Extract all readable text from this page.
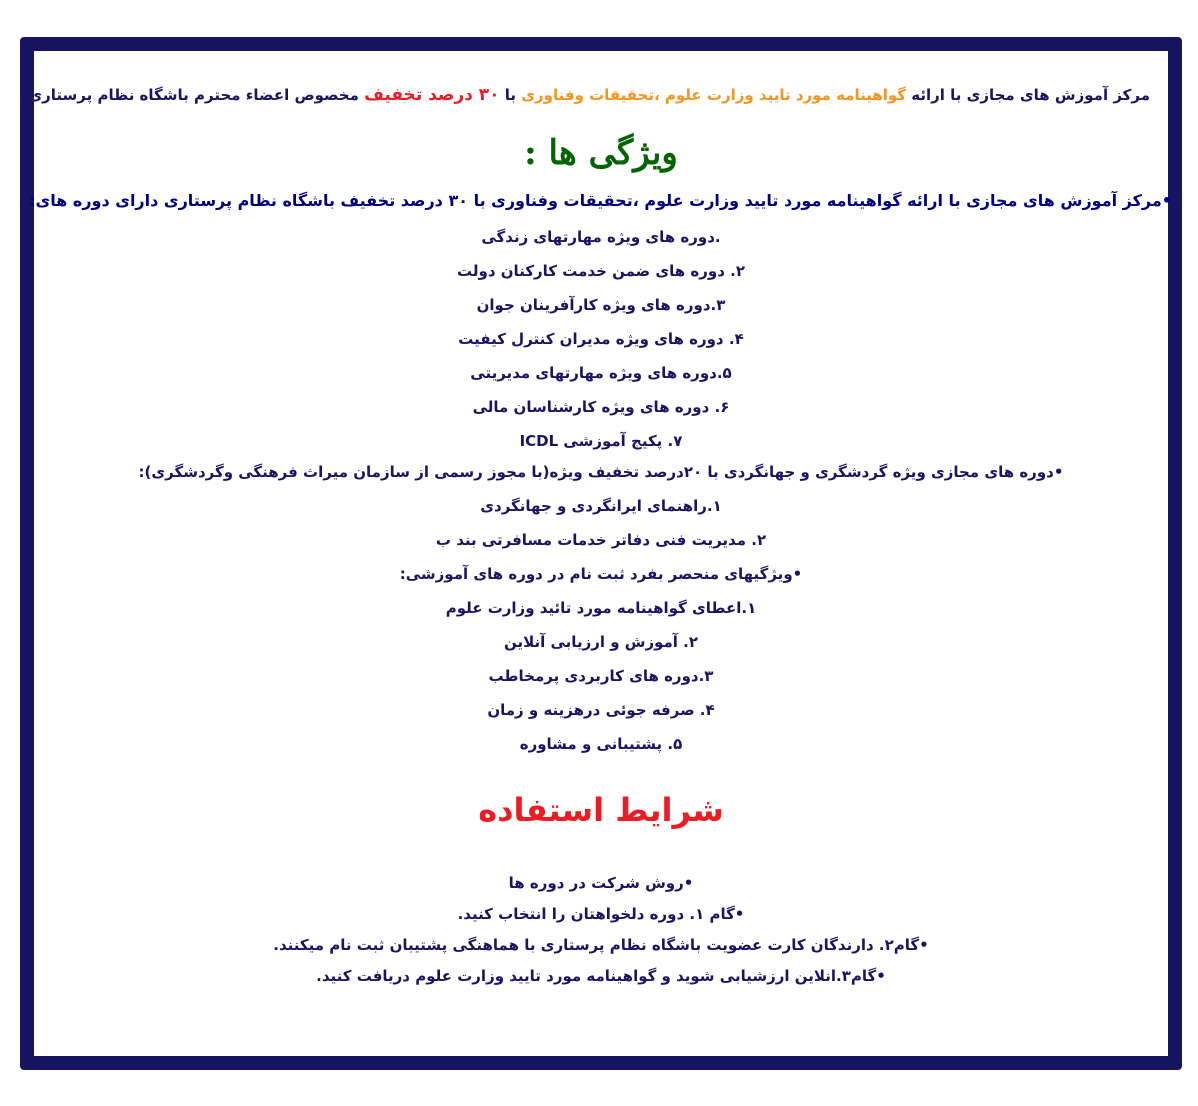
مرکز آموزش های مجازی با ارائه گواهینامه مورد تایید وزارت علوم ،تحقیقات وفناوری با ۳۰ درصد تخفیف مخصوص اعضاء محترم باشگاه نظام پرستاری
ویژگی ها :
•مرکز آموزش های مجازی با ارائه گواهینامه مورد تایید وزارت علوم ،تحقیقات وفناوری با ۳۰ درصد تخفیف باشگاه نظام پرستاری دارای دوره های:
.دوره های ویژه مهارتهای زندگی
۲. دوره های ضمن خدمت کارکنان دولت
۳.دوره های ویژه کارآفرینان جوان
۴. دوره های ویژه مدیران کنترل کیفیت
۵.دوره های ویژه مهارتهای مدیریتی
۶. دوره های ویژه کارشناسان مالی
۷. پکیج آموزشی ICDL
•دوره های مجازی ویژه گردشگری و جهانگردی با ۲۰درصد تخفیف ویژه(با مجوز رسمی از سازمان میراث فرهنگی وگردشگری):
۱.راهنمای ایرانگردی و جهانگردی
۲. مدیریت فنی دفاتر خدمات مسافرتی بند ب
•ویژگیهای منحصر بفرد ثبت نام در دوره های آموزشی:
۱.اعطای گواهینامه مورد تائید وزارت علوم
۲. آموزش و ارزیابی آنلاین
۳.دوره های کاربردی پرمخاطب
۴. صرفه جوئی درهزینه و زمان
۵. پشتیبانی و مشاوره
شرایط استفاده
•روش شرکت در دوره ها
•گام ۱. دوره دلخواهتان را انتخاب کنید.
•گام۲. دارندگان کارت عضویت باشگاه نظام پرستاری با هماهنگی پشتیبان ثبت نام میکنند.
•گام۳.انلاین ارزشیابی شوید و گواهینامه مورد تایید وزارت علوم دریافت کنید.
